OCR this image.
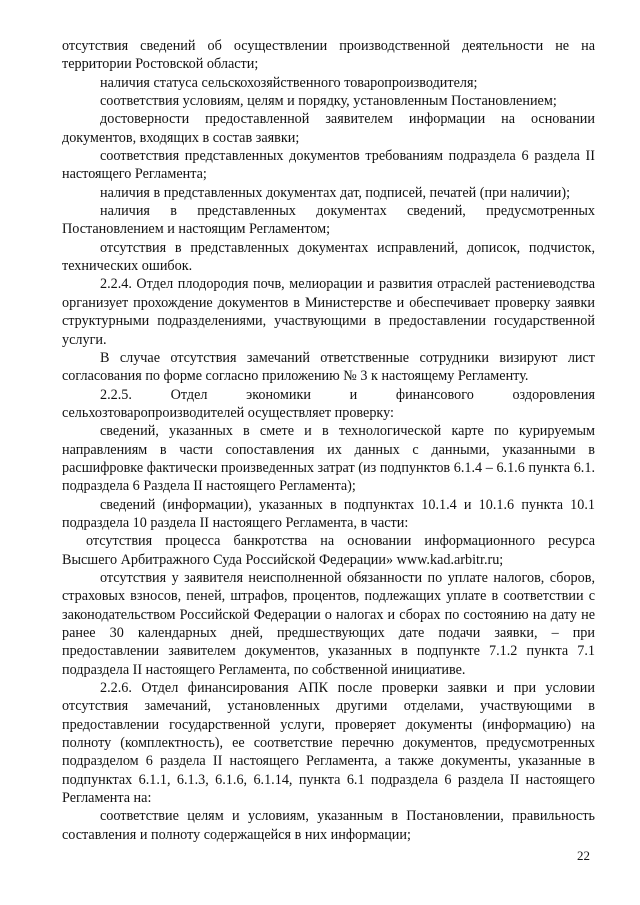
отсутствия сведений об осуществлении производственной деятельности не на территории Ростовской области;

наличия статуса сельскохозяйственного товаропроизводителя;

соответствия условиям, целям и порядку, установленным Постановлением;

достоверности предоставленной заявителем информации на основании документов, входящих в состав заявки;

соответствия представленных документов требованиям подраздела 6 раздела II настоящего Регламента;

наличия в представленных документах дат, подписей, печатей (при наличии);

наличия в представленных документах сведений, предусмотренных Постановлением и настоящим Регламентом;

отсутствия в представленных документах исправлений, дописок, подчисток, технических ошибок.

2.2.4. Отдел плодородия почв, мелиорации и развития отраслей растениеводства организует прохождение документов в Министерстве и обеспечивает проверку заявки структурными подразделениями, участвующими в предоставлении государственной услуги.

В случае отсутствия замечаний ответственные сотрудники визируют лист согласования по форме согласно приложению № 3 к настоящему Регламенту.

2.2.5. Отдел экономики и финансового оздоровления сельхозтоваропроизводителей осуществляет проверку:

сведений, указанных в смете и в технологической карте по курируемым направлениям в части сопоставления их данных с данными, указанными в расшифровке фактически произведенных затрат (из подпунктов 6.1.4 – 6.1.6 пункта 6.1. подраздела 6 Раздела II настоящего Регламента);

сведений (информации), указанных в подпунктах 10.1.4 и 10.1.6 пункта 10.1 подраздела 10 раздела II настоящего Регламента, в части:

отсутствия процесса банкротства на основании информационного ресурса Высшего Арбитражного Суда Российской Федерации» www.kad.arbitr.ru;

отсутствия у заявителя неисполненной обязанности по уплате налогов, сборов, страховых взносов, пеней, штрафов, процентов, подлежащих уплате в соответствии с законодательством Российской Федерации о налогах и сборах по состоянию на дату не ранее 30 календарных дней, предшествующих дате подачи заявки, – при предоставлении заявителем документов, указанных в подпункте 7.1.2 пункта 7.1 подраздела II настоящего Регламента, по собственной инициативе.

2.2.6. Отдел финансирования АПК после проверки заявки и при условии отсутствия замечаний, установленных другими отделами, участвующими в предоставлении государственной услуги, проверяет документы (информацию) на полноту (комплектность), ее соответствие перечню документов, предусмотренных подразделом 6 раздела II настоящего Регламента, а также документы, указанные в подпунктах 6.1.1, 6.1.3, 6.1.6, 6.1.14, пункта 6.1 подраздела 6 раздела II настоящего Регламента на:

соответствие целям и условиям, указанным в Постановлении, правильность составления и полноту содержащейся в них информации;

22
